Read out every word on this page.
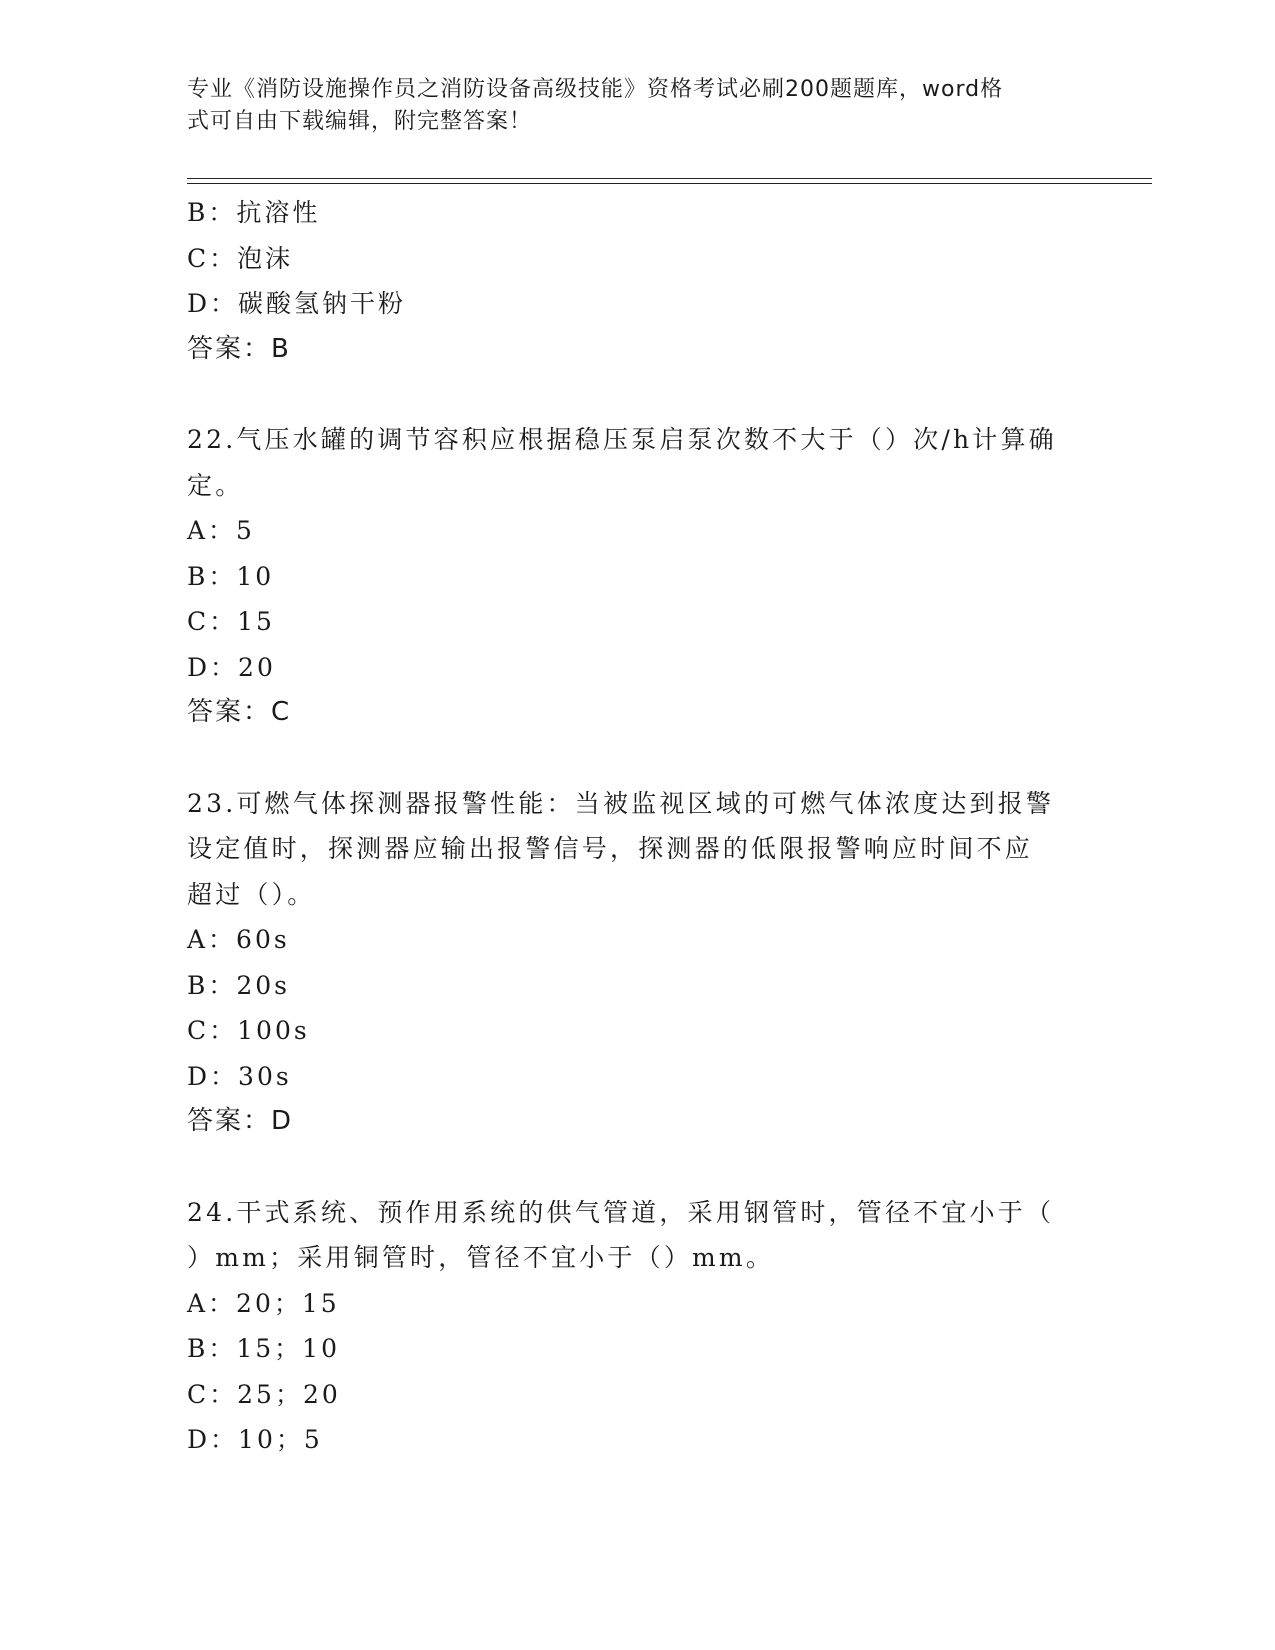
专业《消防设施操作员之消防设备高级技能》资格考试必刷200题题库，word格
式可自由下载编辑，附完整答案！
B：抗溶性
C：泡沫
D：碳酸氢钠干粉
答案：B
22.气压水罐的调节容积应根据稳压泵启泵次数不大于（）次/h计算确
定。
A：5
B：10
C：15
D：20
答案：C
23.可燃气体探测器报警性能：当被监视区域的可燃气体浓度达到报警
设定值时，探测器应输出报警信号，探测器的低限报警响应时间不应
超过（）。
A：60s
B：20s
C：100s
D：30s
答案：D
24.干式系统、预作用系统的供气管道，采用钢管时，管径不宜小于（
）mm；采用铜管时，管径不宜小于（）mm。
A：20；15
B：15；10
C：25；20
D：10；5
